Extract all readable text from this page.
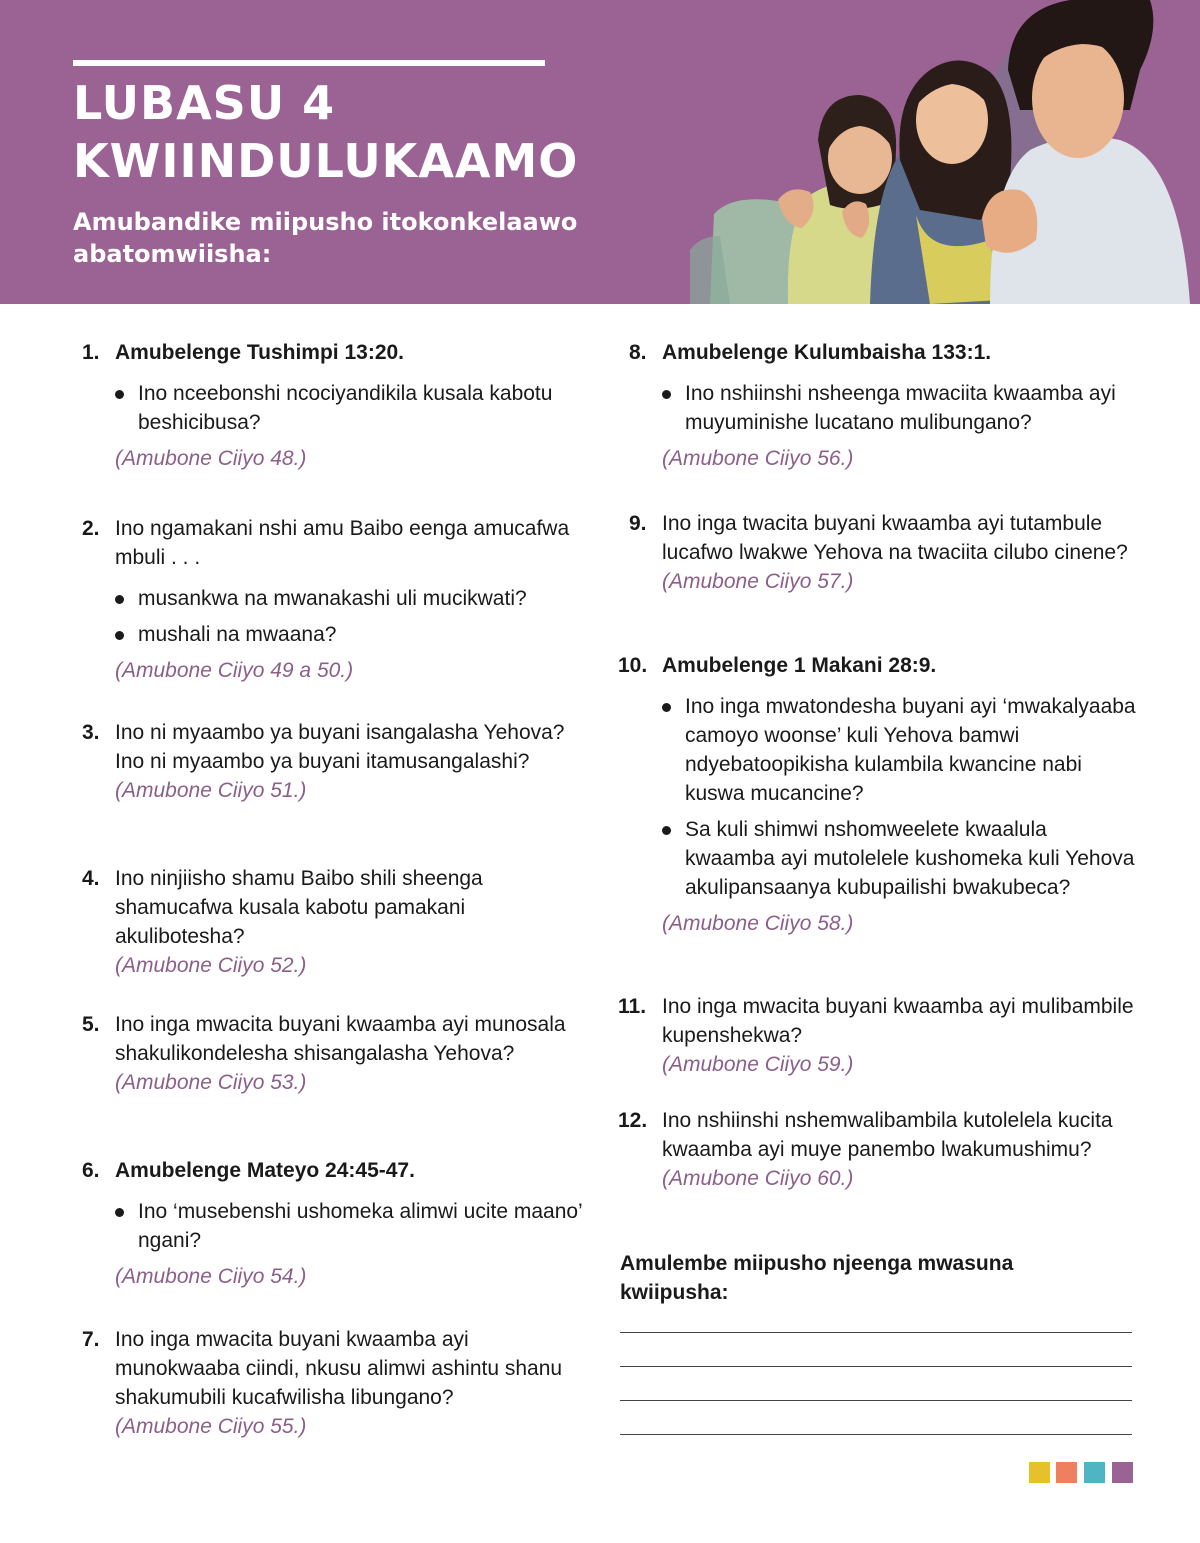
LUBASU 4
KWIINDULUKAAMO

Amubandike miipusho itokonkelaawo abatomwiisha:

1. Amubelenge Tushimpi 13:20.
Ino nceebonshi ncociyandikila kusala kabotu beshicibusa?
(Amubone Ciiyo 48.)
2. Ino ngamakani nshi amu Baibo eenga amucafwa mbuli . . .
musankwa na mwanakashi uli mucikwati?
mushali na mwaana?
(Amubone Ciiyo 49 a 50.)
3. Ino ni myaambo ya buyani isangalasha Yehova? Ino ni myaambo ya buyani itamusangalashi?
(Amubone Ciiyo 51.)
4. Ino ninjiisho shamu Baibo shili sheenga shamucafwa kusala kabotu pamakani akulibotesha?
(Amubone Ciiyo 52.)
5. Ino inga mwacita buyani kwaamba ayi munosala shakulikondelesha shisangalasha Yehova?
(Amubone Ciiyo 53.)
6. Amubelenge Mateyo 24:45-47.
Ino ‘musebenshi ushomeka alimwi ucite maano’ ngani?
(Amubone Ciiyo 54.)
7. Ino inga mwacita buyani kwaamba ayi munokwaaba ciindi, nkusu alimwi ashintu shanu shakumubili kucafwilisha libungano?
(Amubone Ciiyo 55.)
8. Amubelenge Kulumbaisha 133:1.
Ino nshiinshi nsheenga mwaciita kwaamba ayi muyuminishe lucatano mulibungano?
(Amubone Ciiyo 56.)
9. Ino inga twacita buyani kwaamba ayi tutambule lucafwo lwakwe Yehova na twaciita cilubo cinene?
(Amubone Ciiyo 57.)
10. Amubelenge 1 Makani 28:9.
Ino inga mwatondesha buyani ayi ‘mwakalyaaba camoyo woonse’ kuli Yehova bamwi ndyebatoopikisha kulambila kwancine nabi kuswa mucancine?
Sa kuli shimwi nshomweelete kwaalula kwaamba ayi mutolelele kushomeka kuli Yehova akulipansaanya kubupailishi bwakubeca?
(Amubone Ciiyo 58.)
11. Ino inga mwacita buyani kwaamba ayi mulibambile kupenshekwa?
(Amubone Ciiyo 59.)
12. Ino nshiinshi nshemwalibambila kutolelela kucita kwaamba ayi muye panembo lwakumushimu?
(Amubone Ciiyo 60.)

Amulembe miipusho njeenga mwasuna kwiipusha:
